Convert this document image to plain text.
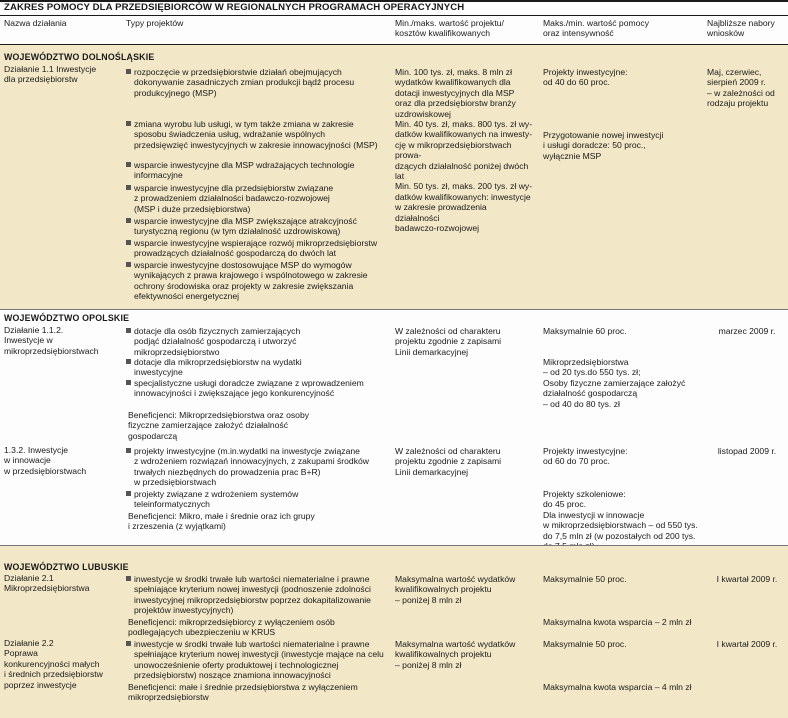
ZAKRES POMOCY DLA PRZEDSIĘBIORCÓW W REGIONALNYCH PROGRAMACH OPERACYJNYCH
Nazwa działania	Typy projektów	Min./maks. wartość projektu/
kosztów kwalifikowanych
Maks./min. wartość pomocy
oraz intensywność
Najbliższe nabory
wniosków
WOJEWÓDZTWO DOLNOŚLĄSKIE
Działanie 1.1 Inwestycje
dla przedsiębiorstw
rozpoczęcie w przedsiębiorstwie działań obejmujących
dokonywanie zasadniczych zmian produkcji bądź procesu
produkcyjnego (MSP)
zmiana wyrobu lub usługi, w tym także zmiana w zakresie
sposobu świadczenia usług, wdrażanie wspólnych
przedsięwzięć inwestycyjnych w zakresie innowacyjności (MSP)
wsparcie inwestycyjne dla MSP wdrażających technologie
informacyjne
wsparcie inwestycyjne dla przedsiębiorstw związane
z prowadzeniem działalności badawczo-rozwojowej
(MSP i duże przedsiębiorstwa)
wsparcie inwestycyjne dla MSP zwiększające atrakcyjność
turystyczną regionu (w tym działalność uzdrowiskową)
wsparcie inwestycyjne wspierające rozwój mikroprzedsiębiorstw
prowadzących działalność gospodarczą do dwóch lat
wsparcie inwestycyjne dostosowujące MSP do wymogów
wynikających z prawa krajowego i wspólnotowego w zakresie
ochrony środowiska oraz projekty w zakresie zwiększania
efektywności energetycznej
Min. 100 tys. zł, maks. 8 mln zł
wydatków kwalifikowanych dla
dotacji inwestycyjnych dla MSP
oraz dla przedsiębiorstw branży
uzdrowiskowej
Min. 40 tys. zł, maks. 800 tys. zł wy-
datków kwalifikowanych na inwesty-
cję w mikroprzedsiębiorstwach prowa-
dzących działalność poniżej dwóch lat
Min. 50 tys. zł, maks. 200 tys. zł wy-
datków kwalifikowanych: inwestycje
w zakresie prowadzenia działalności
badawczo-rozwojowej
Projekty inwestycyjne:
od 40 do 60 proc.
Przygotowanie nowej inwestycji
i usługi doradcze: 50 proc.,
wyłącznie MSP
Maj, czerwiec,
sierpień 2009 r.
– w zależności od
rodzaju projektu
WOJEWÓDZTWO OPOLSKIE
Działanie 1.1.2.
Inwestycje w
mikroprzedsiębiorstwach
dotacje dla osób fizycznych zamierzających
podjąć działalność gospodarczą i utworzyć
mikroprzedsiębiorstwo
dotacje dla mikroprzedsiębiorstw na wydatki
inwestycyjne
specjalistyczne usługi doradcze związane z wprowadzeniem
innowacyjności i zwiększające jego konkurencyjność
Beneficjenci: Mikroprzedsiębiorstwa oraz osoby
fizyczne zamierzające założyć działalność
gospodarczą
W zależności od charakteru
projektu zgodnie z zapisami
Linii demarkacyjnej
Maksymalnie 60 proc.
Mikroprzedsiębiorstwa
– od 20 tys.do 550 tys. zł;
Osoby fizyczne zamierzające założyć
działalność gospodarczą
– od 40 do 80 tys. zł
marzec 2009 r.
1.3.2. Inwestycje
w innowacje
w przedsiębiorstwach
projekty inwestycyjne (m.in.wydatki na inwestycje związane
z wdrożeniem rozwiązań innowacyjnych, z zakupami środków
trwałych niezbędnych do prowadzenia prac B+R)
w przedsiębiorstwach
projekty związane z wdrożeniem systemów
teleinformatycznych
Beneficjenci: Mikro, małe i średnie oraz ich grupy
i zrzeszenia (z wyjątkami)
W zależności od charakteru
projektu zgodnie z zapisami
Linii demarkacyjnej
Projekty inwestycyjne:
od 60 do 70 proc.
Projekty szkoleniowe:
do 45 proc.
Dla inwestycji w innowacje
w mikroprzedsiębiorstwach – od 550 tys.
do 7,5 mln zł (w pozostałych od 200 tys.

listopad 2009 r.
WOJEWÓDZTWO LUBUSKIE
Działanie 2.1
Mikroprzedsiębiorstwa
inwestycje w środki trwałe lub wartości niematerialne i prawne
spełniające kryterium nowej inwestycji (podnoszenie zdolności
inwestycyjnej mikroprzedsiębiorstw poprzez dokapitalizowanie
projektów inwestycyjnych)
Beneficjenci: mikroprzedsiębiorcy z wyłączeniem osób
podlegających ubezpieczeniu w KRUS
Maksymalna wartość wydatków
kwalifikowalnych projektu
– poniżej 8 mln zł
Maksymalnie 50 proc.
Maksymalna kwota wsparcia – 2 mln zł
I kwartał 2009 r.
Działanie 2.2
Poprawa
konkurencyjności małych
i średnich przedsiębiorstw
poprzez inwestycje
inwestycje w środki trwałe lub wartości niematerialne i prawne
spełniające kryterium nowej inwestycji (inwestycje mające na celu
unowocześnienie oferty produktowej i technologicznej
przedsiębiorstw) noszące znamiona innowacyjności
Beneficjenci: małe i średnie przedsiębiorstwa z wyłączeniem
mikroprzedsiębiorstw
Maksymalna wartość wydatków
kwalifikowalnych projektu
– poniżej 8 mln zł
Maksymalnie 50 proc.
Maksymalna kwota wsparcia – 4 mln zł
I kwartał 2009 r.
